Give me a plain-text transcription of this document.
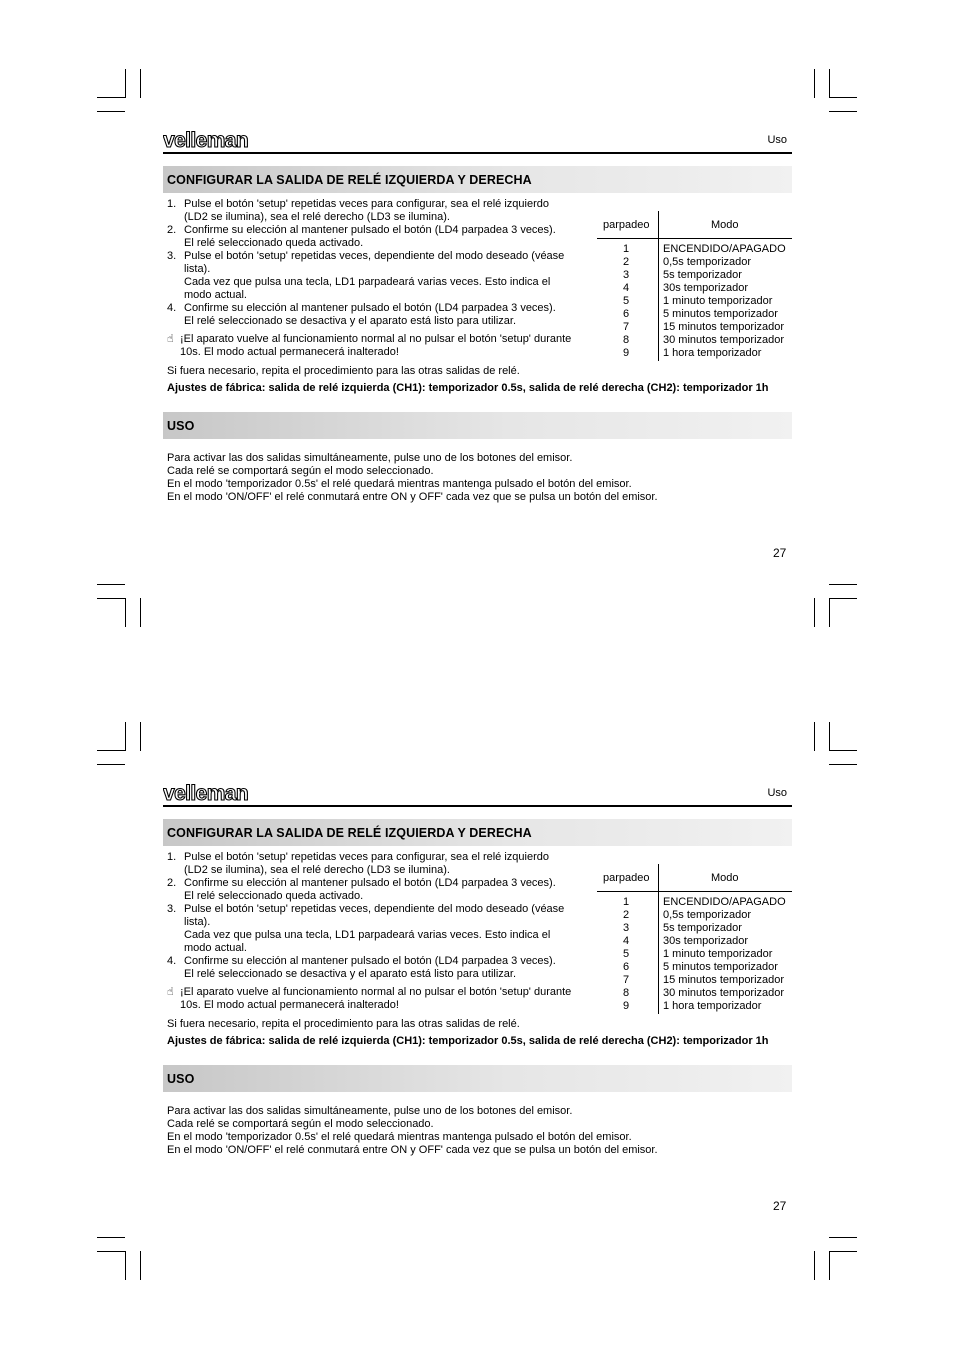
velleman	Uso
CONFIGURAR LA SALIDA DE RELÉ IZQUIERDA Y DERECHA
1. Pulse el botón 'setup' repetidas veces para configurar, sea el relé izquierdo
(LD2 se ilumina), sea el relé derecho (LD3 se ilumina).
2. Confirme su elección al mantener pulsado el botón (LD4 parpadea 3 veces).
El relé seleccionado queda activado.
3. Pulse el botón 'setup' repetidas veces, dependiente del modo deseado (véase lista).
Cada vez que pulsa una tecla, LD1 parpadeará varias veces. Esto indica el
modo actual.
4. Confirme su elección al mantener pulsado el botón (LD4 parpadea 3 veces).
El relé seleccionado se desactiva y el aparato está listo para utilizar.
☝ ¡El aparato vuelve al funcionamiento normal al no pulsar el botón 'setup' durante
10s. El modo actual permanecerá inalterado!
Si fuera necesario, repita el procedimiento para las otras salidas de relé.
parpadeo	Modo
1	ENCENDIDO/APAGADO
2	0,5s temporizador
3	5s temporizador
4	30s temporizador
5	1 minuto temporizador
6	5 minutos temporizador
7	15 minutos temporizador
8	30 minutos temporizador
9	1 hora temporizador
Ajustes de fábrica: salida de relé izquierda (CH1): temporizador 0.5s, salida de relé derecha (CH2): temporizador 1h
USO
Para activar las dos salidas simultáneamente, pulse uno de los botones del emisor.
Cada relé se comportará según el modo seleccionado.
En el modo 'temporizador 0.5s' el relé quedará mientras mantenga pulsado el botón del emisor.
En el modo 'ON/OFF' el relé conmutará entre ON y OFF' cada vez que se pulsa un botón del emisor.
27
velleman	Uso
CONFIGURAR LA SALIDA DE RELÉ IZQUIERDA Y DERECHA
1. Pulse el botón 'setup' repetidas veces para configurar, sea el relé izquierdo
(LD2 se ilumina), sea el relé derecho (LD3 se ilumina).
2. Confirme su elección al mantener pulsado el botón (LD4 parpadea 3 veces).
El relé seleccionado queda activado.
3. Pulse el botón 'setup' repetidas veces, dependiente del modo deseado (véase lista).
Cada vez que pulsa una tecla, LD1 parpadeará varias veces. Esto indica el
modo actual.
4. Confirme su elección al mantener pulsado el botón (LD4 parpadea 3 veces).
El relé seleccionado se desactiva y el aparato está listo para utilizar.
☝ ¡El aparato vuelve al funcionamiento normal al no pulsar el botón 'setup' durante
10s. El modo actual permanecerá inalterado!
Si fuera necesario, repita el procedimiento para las otras salidas de relé.
parpadeo	Modo
1	ENCENDIDO/APAGADO
2	0,5s temporizador
3	5s temporizador
4	30s temporizador
5	1 minuto temporizador
6	5 minutos temporizador
7	15 minutos temporizador
8	30 minutos temporizador
9	1 hora temporizador
Ajustes de fábrica: salida de relé izquierda (CH1): temporizador 0.5s, salida de relé derecha (CH2): temporizador 1h
USO
Para activar las dos salidas simultáneamente, pulse uno de los botones del emisor.
Cada relé se comportará según el modo seleccionado.
En el modo 'temporizador 0.5s' el relé quedará mientras mantenga pulsado el botón del emisor.
En el modo 'ON/OFF' el relé conmutará entre ON y OFF' cada vez que se pulsa un botón del emisor.
27
